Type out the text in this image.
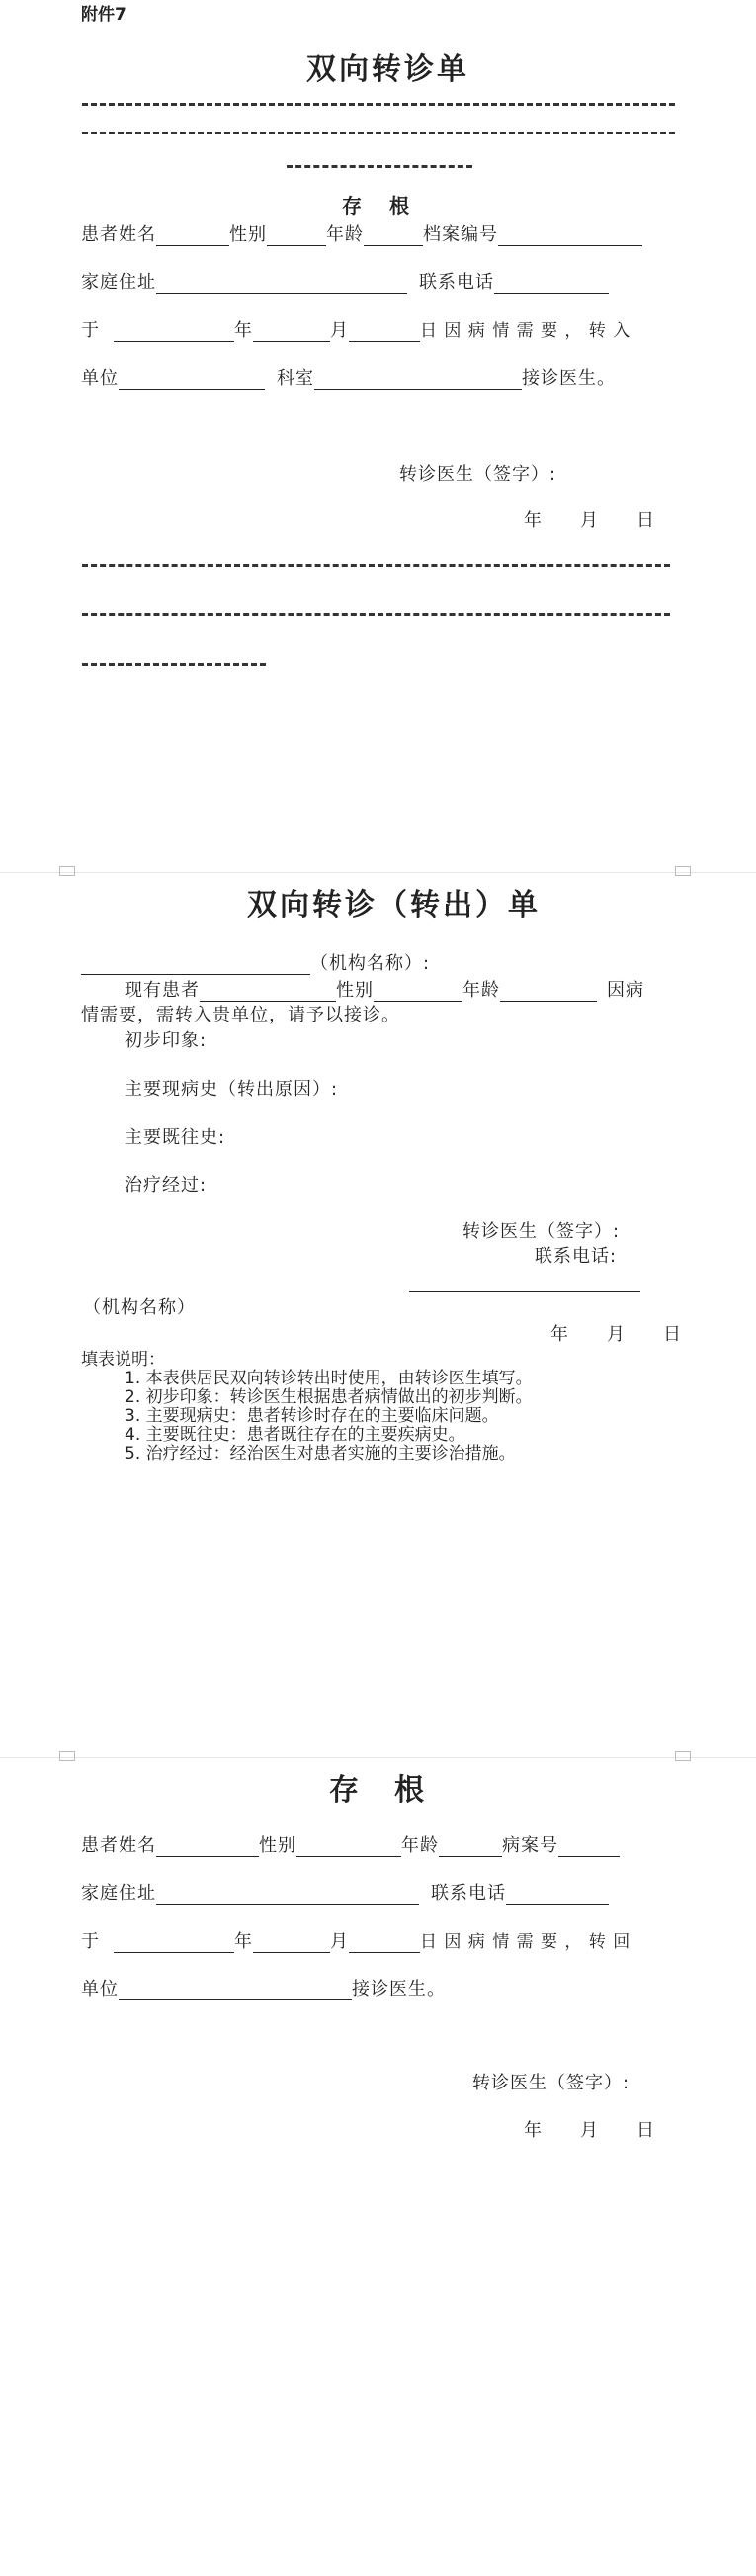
附件7
双向转诊单
存　根
患者姓名	性别	年龄	档案编号
家庭住址	联系电话
于	年	月	日 因 病 情 需 要 ， 转 入
单位	科室	接诊医生。
转诊医生（签字）:
年　　月　　日
双向转诊（转出）单
（机构名称）:
现有患者	性别	年龄	因病
情需要，需转入贵单位，请予以接诊。
初步印象:
主要现病史（转出原因）:
主要既往史:
治疗经过:
转诊医生（签字）:
联系电话:
（机构名称）
年　　月　　日
填表说明：
1. 本表供居民双向转诊转出时使用，由转诊医生填写。
2. 初步印象：转诊医生根据患者病情做出的初步判断。
3. 主要现病史：患者转诊时存在的主要临床问题。
4. 主要既往史：患者既往存在的主要疾病史。
5. 治疗经过：经治医生对患者实施的主要诊治措施。
存　根
患者姓名	性别	年龄	病案号
家庭住址	联系电话
于	年	月	日 因 病 情 需 要 ， 转 回
单位	接诊医生。
转诊医生（签字）:
年　　月　　日
